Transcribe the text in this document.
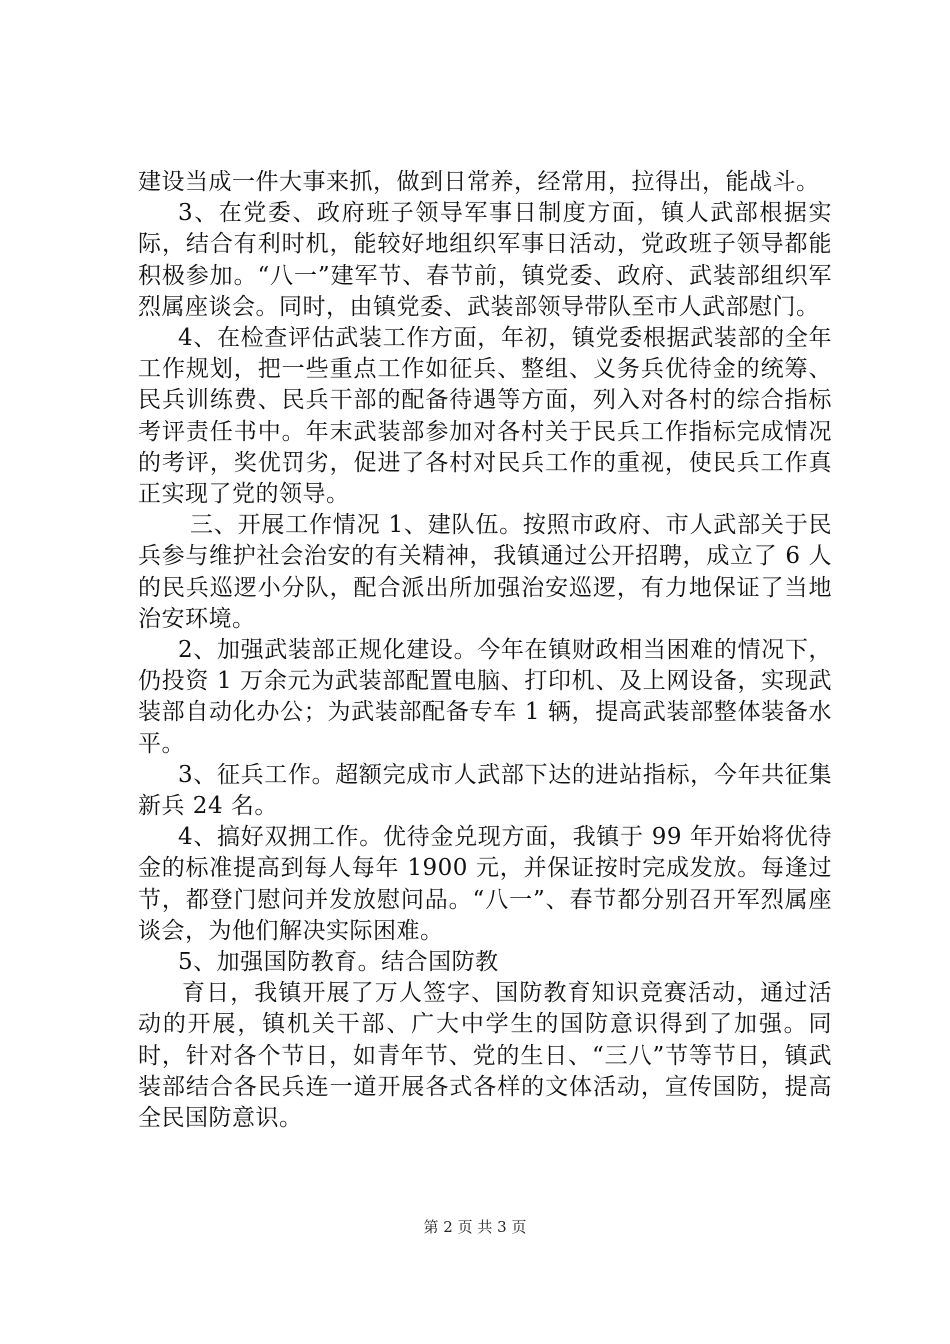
建设当成一件大事来抓，做到日常养，经常用，拉得出，能战斗。

3、在党委、政府班子领导军事日制度方面，镇人武部根据实际，结合有利时机，能较好地组织军事日活动，党政班子领导都能积极参加。“八一”建军节、春节前，镇党委、政府、武装部组织军烈属座谈会。同时，由镇党委、武装部领导带队至市人武部慰门。

4、在检查评估武装工作方面，年初，镇党委根据武装部的全年工作规划，把一些重点工作如征兵、整组、义务兵优待金的统筹、民兵训练费、民兵干部的配备待遇等方面，列入对各村的综合指标考评责任书中。年末武装部参加对各村关于民兵工作指标完成情况的考评，奖优罚劣，促进了各村对民兵工作的重视，使民兵工作真正实现了党的领导。

三、开展工作情况 1、建队伍。按照市政府、市人武部关于民兵参与维护社会治安的有关精神，我镇通过公开招聘，成立了 6 人的民兵巡逻小分队，配合派出所加强治安巡逻，有力地保证了当地治安环境。

2、加强武装部正规化建设。今年在镇财政相当困难的情况下，仍投资 1 万余元为武装部配置电脑、打印机、及上网设备，实现武装部自动化办公；为武装部配备专车 1 辆，提高武装部整体装备水平。

3、征兵工作。超额完成市人武部下达的进站指标，今年共征集新兵 24 名。

4、搞好双拥工作。优待金兑现方面，我镇于 99 年开始将优待金的标准提高到每人每年 1900 元，并保证按时完成发放。每逢过节，都登门慰问并发放慰问品。“八一”、春节都分别召开军烈属座谈会，为他们解决实际困难。

5、加强国防教育。结合国防教

育日，我镇开展了万人签字、国防教育知识竞赛活动，通过活动的开展，镇机关干部、广大中学生的国防意识得到了加强。同时，针对各个节日，如青年节、党的生日、“三八”节等节日，镇武装部结合各民兵连一道开展各式各样的文体活动，宣传国防，提高全民国防意识。

第 2 页 共 3 页
